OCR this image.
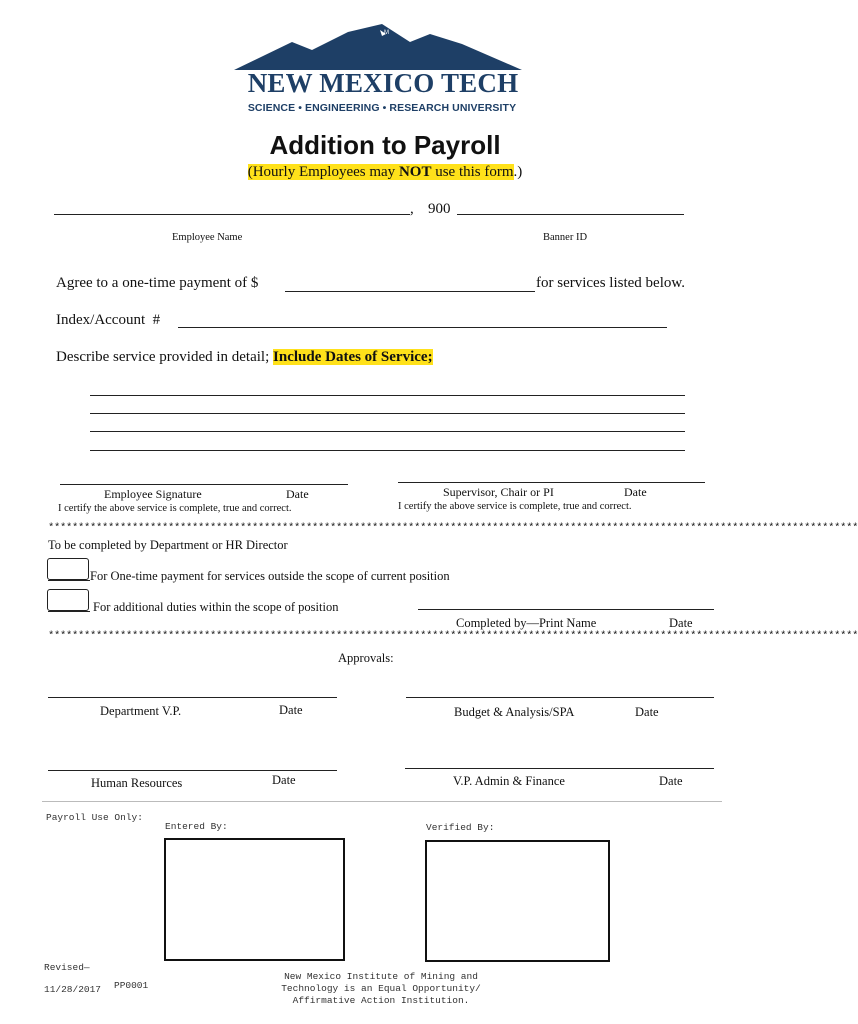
M
NEW MEXICO TECH
SCIENCE • ENGINEERING • RESEARCH UNIVERSITY
Addition to Payroll
(Hourly Employees may NOT use this form.)
, 900
Employee Name	Banner ID
Agree to a one-time payment of $	for services listed below.
Index/Account  #
Describe service provided in detail; Include Dates of Service;
Employee Signature	Date
I certify the above service is complete, true and correct.
Supervisor, Chair or PI	Date
I certify the above service is complete, true and correct.
***************************************************************************************************************************************
To be completed by Department or HR Director
For One-time payment for services outside the scope of current position
For additional duties within the scope of position
Completed by—Print Name	Date
***************************************************************************************************************************************
Approvals:
Department V.P.	Date	Budget & Analysis/SPA	Date
Human Resources	Date	V.P. Admin & Finance	Date
Payroll Use Only:
Entered By:	Verified By:
Revised—
11/28/2017 PP0001
New Mexico Institute of Mining and
Technology is an Equal Opportunity/
Affirmative Action Institution.
